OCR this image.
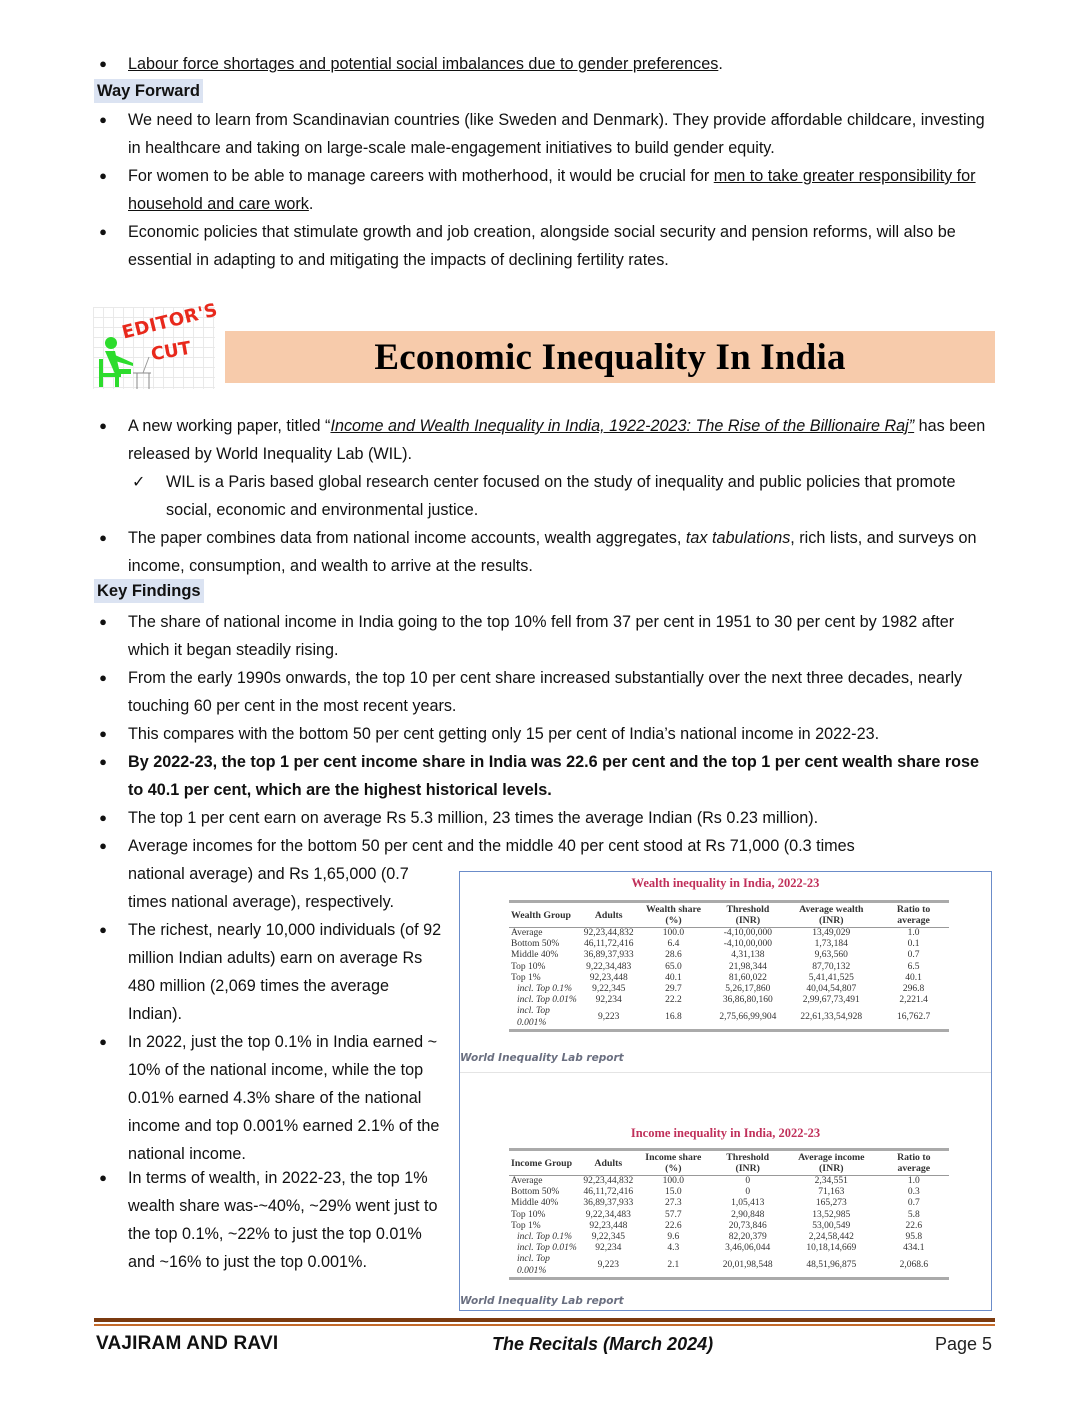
● Labour force shortages and potential social imbalances due to gender preferences.
Way Forward
● We need to learn from Scandinavian countries (like Sweden and Denmark). They provide affordable childcare, investing in healthcare and taking on large-scale male-engagement initiatives to build gender equity.
● For women to be able to manage careers with motherhood, it would be crucial for men to take greater responsibility for household and care work.
● Economic policies that stimulate growth and job creation, alongside social security and pension reforms, will also be essential in adapting to and mitigating the impacts of declining fertility rates.
EDITOR'S
CUT	Economic Inequality In India
● A new working paper, titled “Income and Wealth Inequality in India, 1922-2023: The Rise of the Billionaire Raj” has been released by World Inequality Lab (WIL).
✓ WIL is a Paris based global research center focused on the study of inequality and public policies that promote social, economic and environmental justice.
● The paper combines data from national income accounts, wealth aggregates, tax tabulations, rich lists, and surveys on income, consumption, and wealth to arrive at the results.
Key Findings
● The share of national income in India going to the top 10% fell from 37 per cent in 1951 to 30 per cent by 1982 after which it began steadily rising.
● From the early 1990s onwards, the top 10 per cent share increased substantially over the next three decades, nearly touching 60 per cent in the most recent years.
● This compares with the bottom 50 per cent getting only 15 per cent of India’s national income in 2022-23.
● By 2022-23, the top 1 per cent income share in India was 22.6 per cent and the top 1 per cent wealth share rose to 40.1 per cent, which are the highest historical levels.
● The top 1 per cent earn on average Rs 5.3 million, 23 times the average Indian (Rs 0.23 million).
● Average incomes for the bottom 50 per cent and the middle 40 per cent stood at Rs 71,000 (0.3 times
national average) and Rs 1,65,000 (0.7 times national average), respectively.
● The richest, nearly 10,000 individuals (of 92 million Indian adults) earn on average Rs 480 million (2,069 times the average Indian).
● In 2022, just the top 0.1% in India earned ~ 10% of the national income, while the top 0.01% earned 4.3% share of the national income and top 0.001% earned 2.1% of the national income.
● In terms of wealth, in 2022-23, the top 1% wealth share was-~40%, ~29% went just to the top 0.1%, ~22% to just the top 0.01% and ~16% to just the top 0.001%.
Wealth inequality in India, 2022-23
Wealth Group	Adults	Wealth share (%)	Threshold (INR)	Average wealth (INR)	Ratio to average
Average	92,23,44,832	100.0	-4,10,00,000	13,49,029	1.0
Bottom 50%	46,11,72,416	6.4	-4,10,00,000	1,73,184	0.1
Middle 40%	36,89,37,933	28.6	4,31,138	9,63,560	0.7
Top 10%	9,22,34,483	65.0	21,98,344	87,70,132	6.5
Top 1%	92,23,448	40.1	81,60,022	5,41,41,525	40.1
incl. Top 0.1%	9,22,345	29.7	5,26,17,860	40,04,54,807	296.8
incl. Top 0.01%	92,234	22.2	36,86,80,160	2,99,67,73,491	2,221.4
incl. Top 0.001%	9,223	16.8	2,75,66,99,904	22,61,33,54,928	16,762.7
World Inequality Lab report
Income inequality in India, 2022-23
Income Group	Adults	Income share (%)	Threshold (INR)	Average income (INR)	Ratio to average
Average	92,23,44,832	100.0	0	2,34,551	1.0
Bottom 50%	46,11,72,416	15.0	0	71,163	0.3
Middle 40%	36,89,37,933	27.3	1,05,413	165,273	0.7
Top 10%	9,22,34,483	57.7	2,90,848	13,52,985	5.8
Top 1%	92,23,448	22.6	20,73,846	53,00,549	22.6
incl. Top 0.1%	9,22,345	9.6	82,20,379	2,24,58,442	95.8
incl. Top 0.01%	92,234	4.3	3,46,06,044	10,18,14,669	434.1
incl. Top 0.001%	9,223	2.1	20,01,98,548	48,51,96,875	2,068.6
World Inequality Lab report
VAJIRAM AND RAVI	The Recitals (March 2024)	Page 5
